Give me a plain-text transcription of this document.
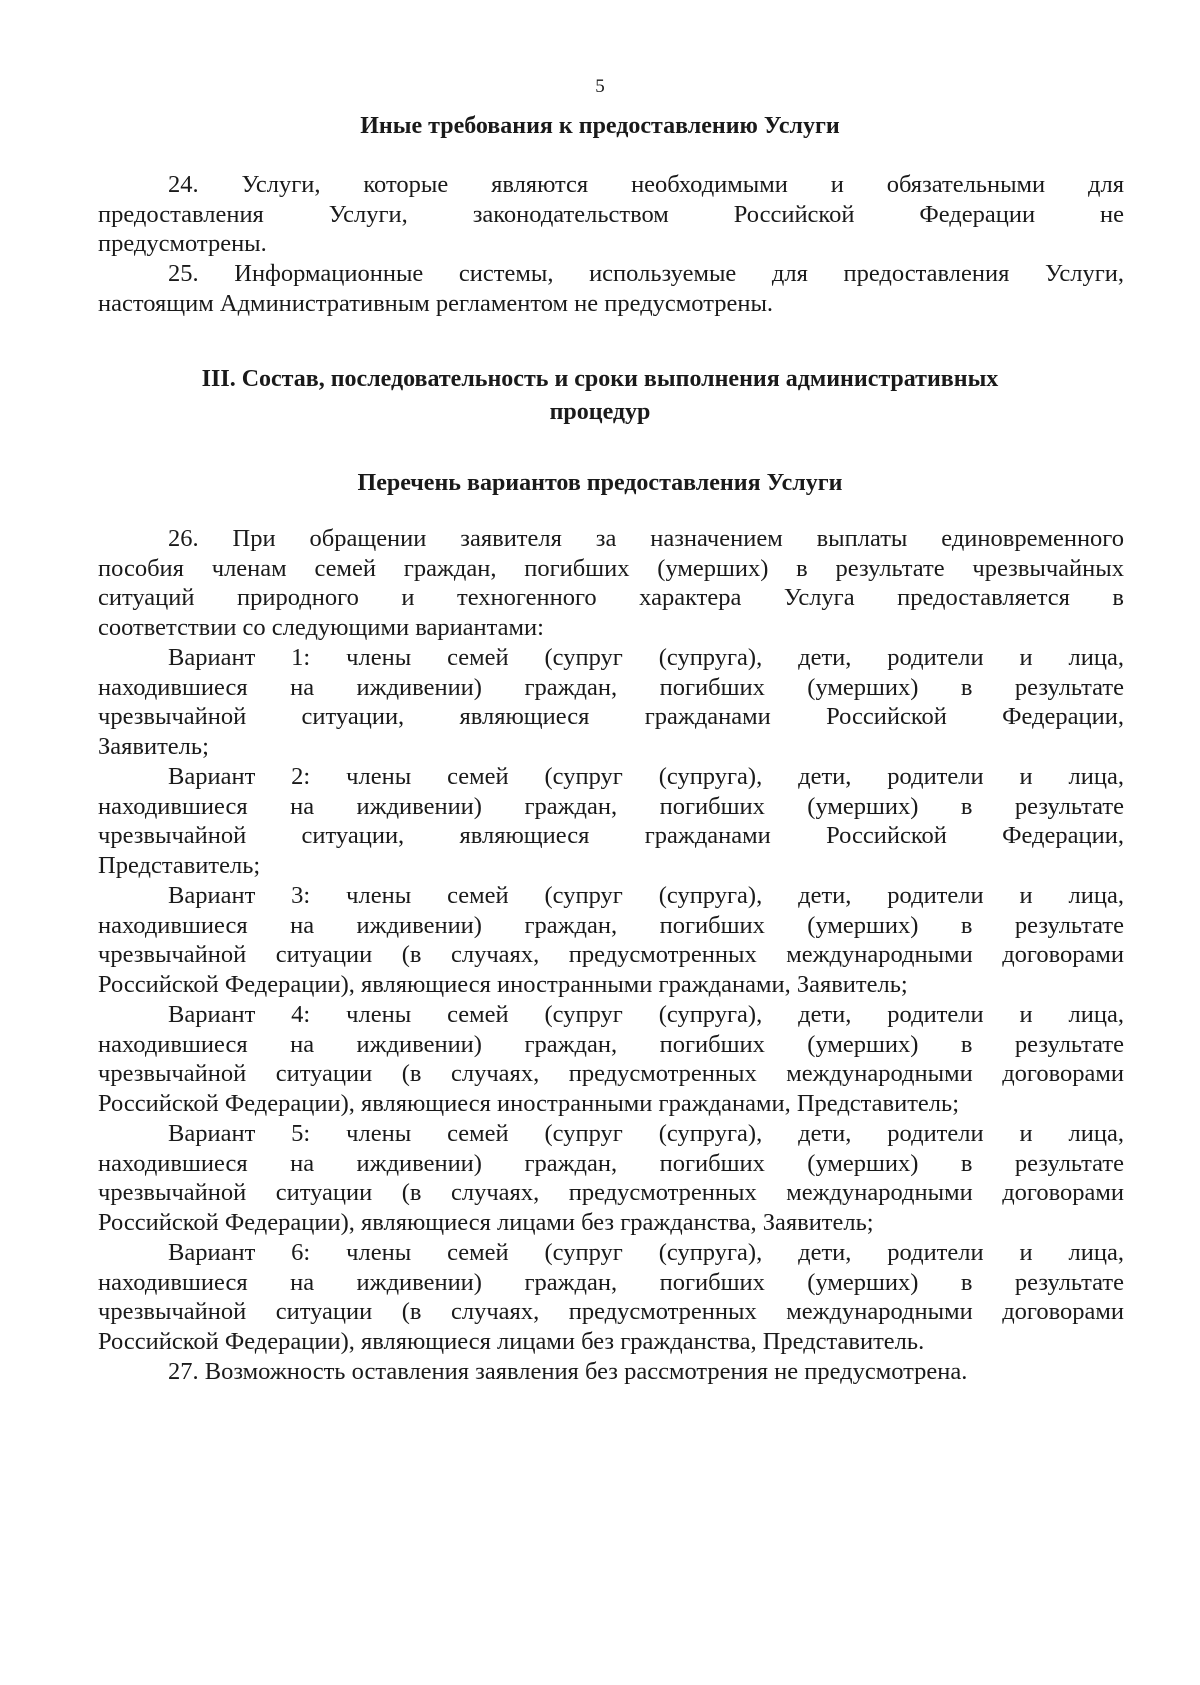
5
Иные требования к предоставлению Услуги
24. Услуги, которые являются необходимыми и обязательными для
предоставления Услуги, законодательством Российской Федерации не
предусмотрены.
25. Информационные системы, используемые для предоставления Услуги,
настоящим Административным регламентом не предусмотрены.
III. Состав, последовательность и сроки выполнения административных
процедур
Перечень вариантов предоставления Услуги
26. При обращении заявителя за назначением выплаты единовременного
пособия членам семей граждан, погибших (умерших) в результате чрезвычайных
ситуаций природного и техногенного характера Услуга предоставляется в
соответствии со следующими вариантами:
Вариант 1: члены семей (супруг (супруга), дети, родители и лица,
находившиеся на иждивении) граждан, погибших (умерших) в результате
чрезвычайной ситуации, являющиеся гражданами Российской Федерации,
Заявитель;
Вариант 2: члены семей (супруг (супруга), дети, родители и лица,
находившиеся на иждивении) граждан, погибших (умерших) в результате
чрезвычайной ситуации, являющиеся гражданами Российской Федерации,
Представитель;
Вариант 3: члены семей (супруг (супруга), дети, родители и лица,
находившиеся на иждивении) граждан, погибших (умерших) в результате
чрезвычайной ситуации (в случаях, предусмотренных международными договорами
Российской Федерации), являющиеся иностранными гражданами, Заявитель;
Вариант 4: члены семей (супруг (супруга), дети, родители и лица,
находившиеся на иждивении) граждан, погибших (умерших) в результате
чрезвычайной ситуации (в случаях, предусмотренных международными договорами
Российской Федерации), являющиеся иностранными гражданами, Представитель;
Вариант 5: члены семей (супруг (супруга), дети, родители и лица,
находившиеся на иждивении) граждан, погибших (умерших) в результате
чрезвычайной ситуации (в случаях, предусмотренных международными договорами
Российской Федерации), являющиеся лицами без гражданства, Заявитель;
Вариант 6: члены семей (супруг (супруга), дети, родители и лица,
находившиеся на иждивении) граждан, погибших (умерших) в результате
чрезвычайной ситуации (в случаях, предусмотренных международными договорами
Российской Федерации), являющиеся лицами без гражданства, Представитель.
27. Возможность оставления заявления без рассмотрения не предусмотрена.
